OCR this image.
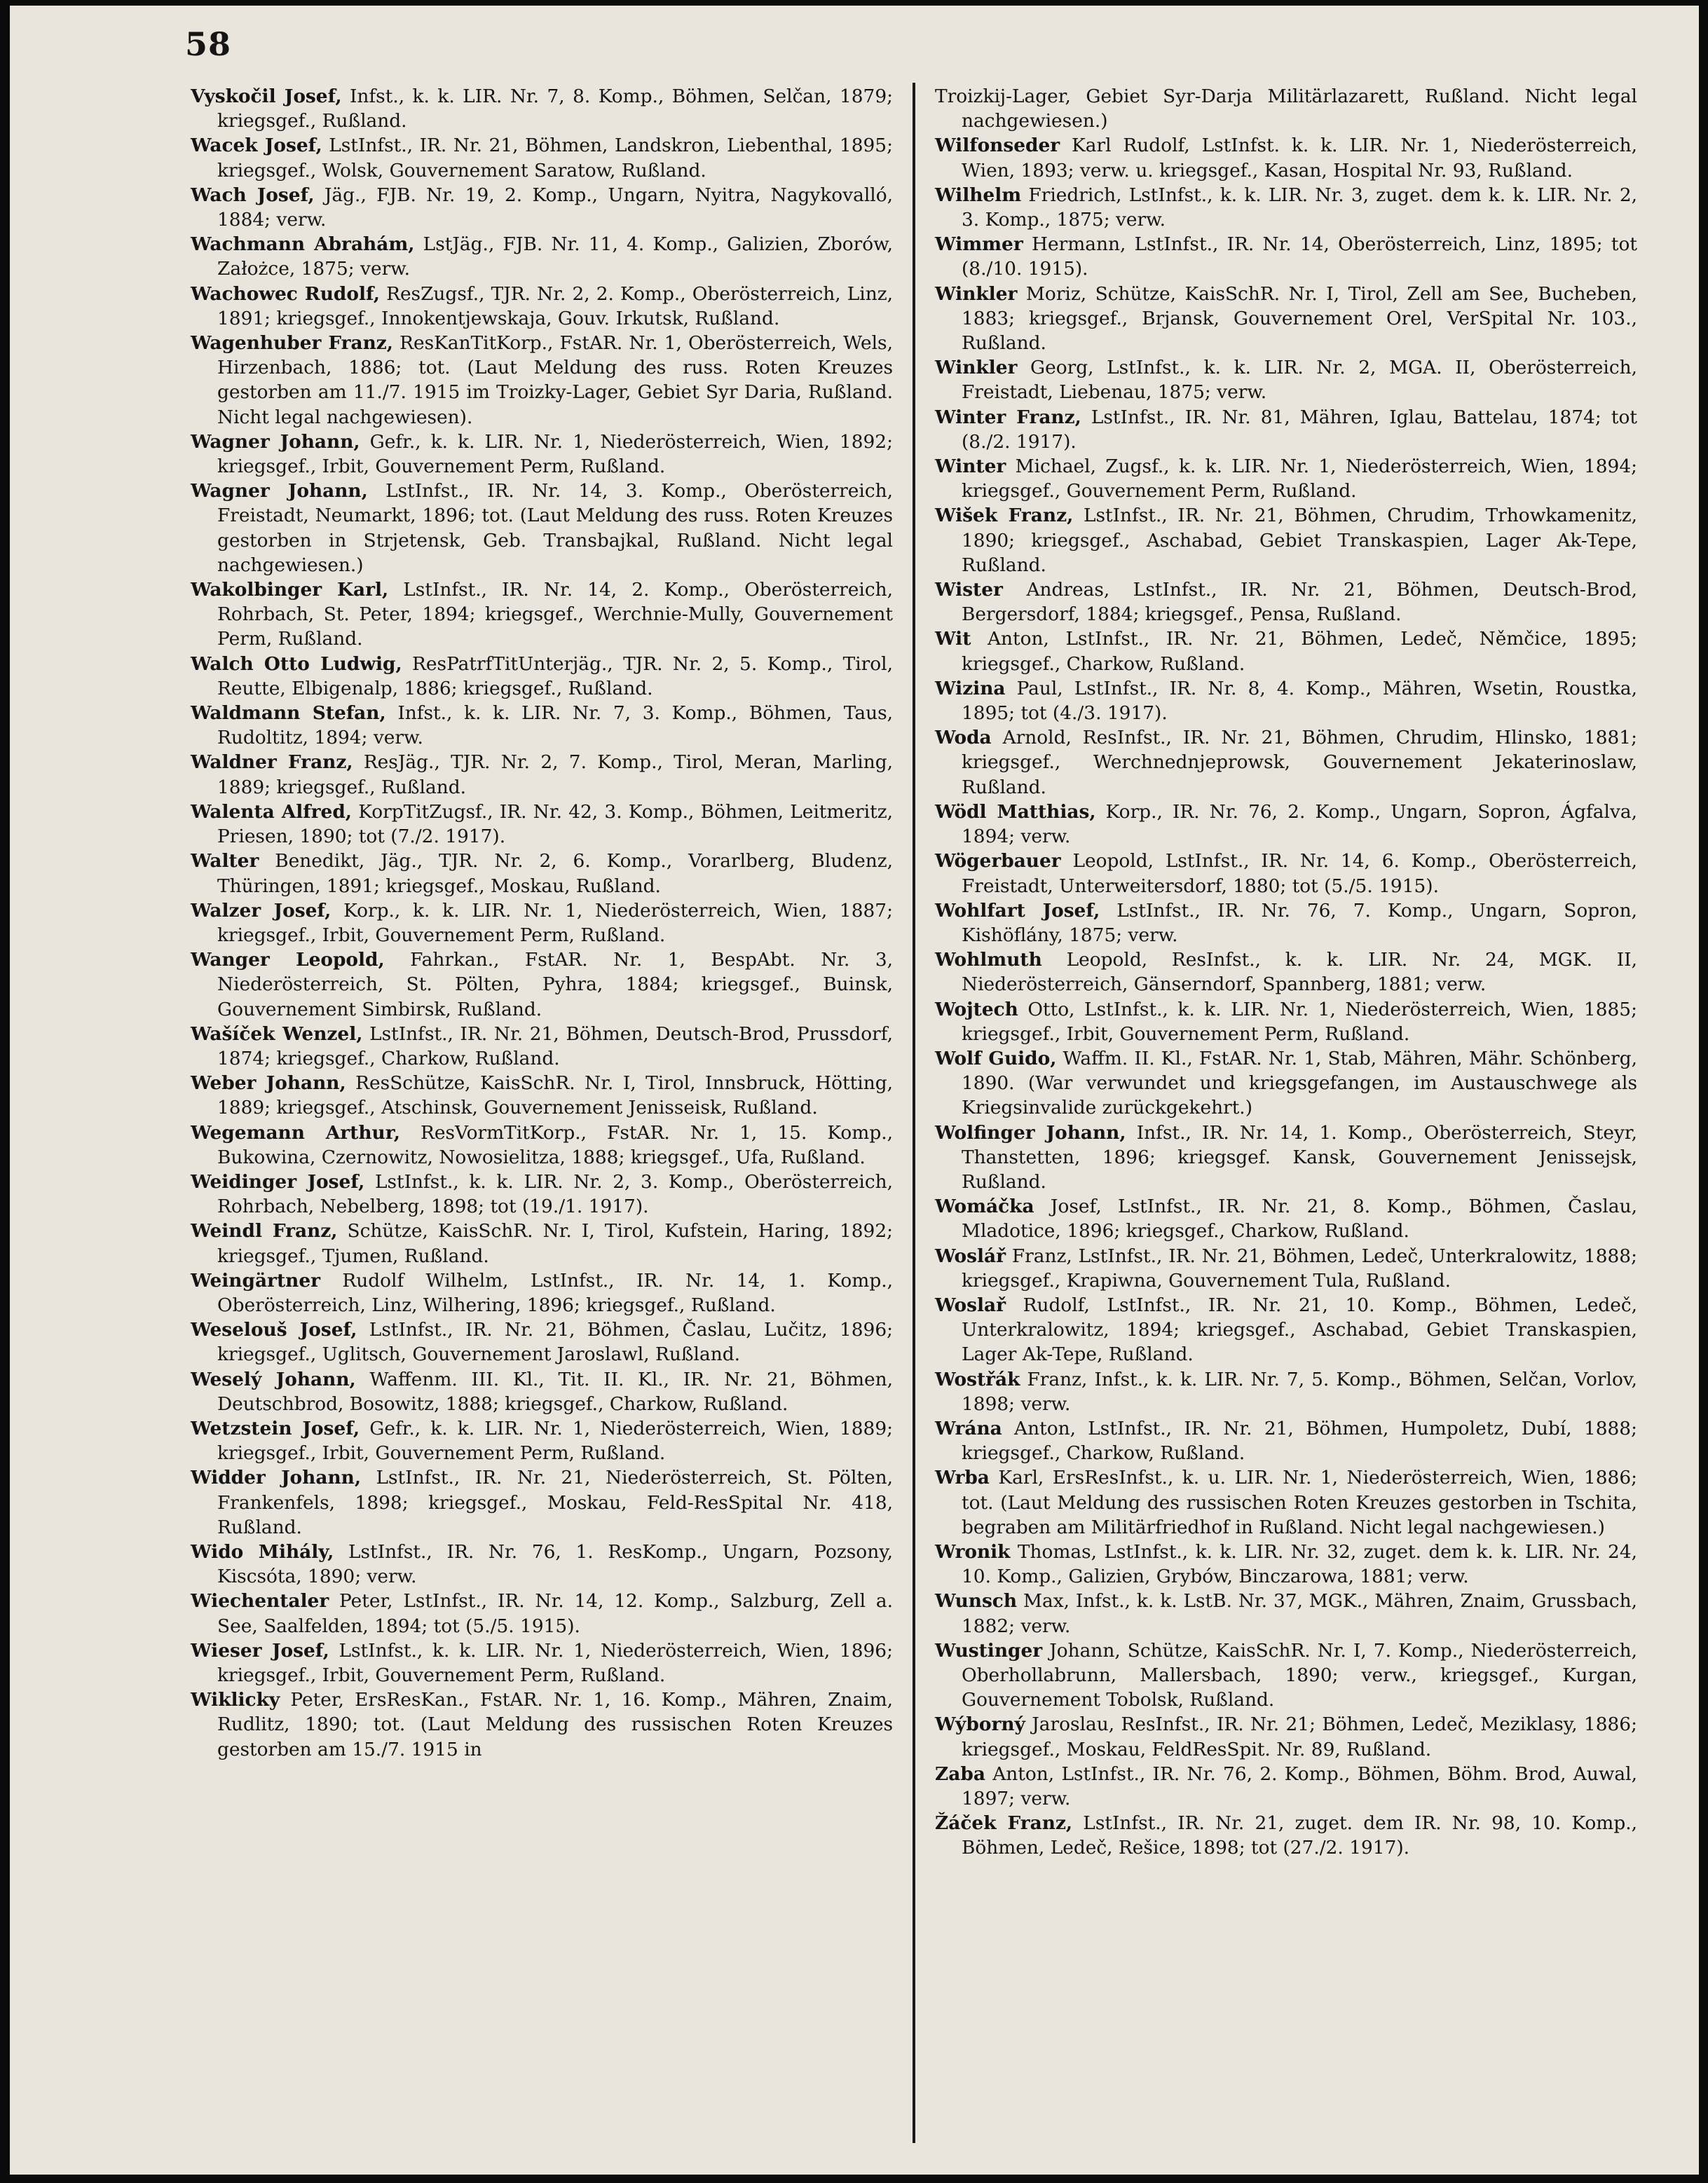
58

Vyskočil Josef, Infst., k. k. LIR. Nr. 7, 8. Komp., Böhmen, Selčan, 1879; kriegsgef., Rußland.

Wacek Josef, LstInfst., IR. Nr. 21, Böhmen, Landskron, Liebenthal, 1895; kriegsgef., Wolsk, Gouvernement Saratow, Rußland.

Wach Josef, Jäg., FJB. Nr. 19, 2. Komp., Ungarn, Nyitra, Nagykovalló, 1884; verw.

Wachmann Abrahám, LstJäg., FJB. Nr. 11, 4. Komp., Galizien, Zborów, Założce, 1875; verw.

Wachowec Rudolf, ResZugsf., TJR. Nr. 2, 2. Komp., Oberösterreich, Linz, 1891; kriegsgef., Innokentjewskaja, Gouv. Irkutsk, Rußland.

Wagenhuber Franz, ResKanTitKorp., FstAR. Nr. 1, Oberösterreich, Wels, Hirzenbach, 1886; tot. (Laut Meldung des russ. Roten Kreuzes gestorben am 11./7. 1915 im Troizky-Lager, Gebiet Syr Daria, Rußland. Nicht legal nachgewiesen).

Wagner Johann, Gefr., k. k. LIR. Nr. 1, Niederösterreich, Wien, 1892; kriegsgef., Irbit, Gouvernement Perm, Rußland.

Wagner Johann, LstInfst., IR. Nr. 14, 3. Komp., Oberösterreich, Freistadt, Neumarkt, 1896; tot. (Laut Meldung des russ. Roten Kreuzes gestorben in Strjetensk, Geb. Transbajkal, Rußland. Nicht legal nachgewiesen.)

Wakolbinger Karl, LstInfst., IR. Nr. 14, 2. Komp., Oberösterreich, Rohrbach, St. Peter, 1894; kriegsgef., Werchnie-Mully, Gouvernement Perm, Rußland.

Walch Otto Ludwig, ResPatrfTitUnterjäg., TJR. Nr. 2, 5. Komp., Tirol, Reutte, Elbigenalp, 1886; kriegsgef., Rußland.

Waldmann Stefan, Infst., k. k. LIR. Nr. 7, 3. Komp., Böhmen, Taus, Rudoltitz, 1894; verw.

Waldner Franz, ResJäg., TJR. Nr. 2, 7. Komp., Tirol, Meran, Marling, 1889; kriegsgef., Rußland.

Walenta Alfred, KorpTitZugsf., IR. Nr. 42, 3. Komp., Böhmen, Leitmeritz, Priesen, 1890; tot (7./2. 1917).

Walter Benedikt, Jäg., TJR. Nr. 2, 6. Komp., Vorarlberg, Bludenz, Thüringen, 1891; kriegsgef., Moskau, Rußland.

Walzer Josef, Korp., k. k. LIR. Nr. 1, Niederösterreich, Wien, 1887; kriegsgef., Irbit, Gouvernement Perm, Rußland.

Wanger Leopold, Fahrkan., FstAR. Nr. 1, BespAbt. Nr. 3, Niederösterreich, St. Pölten, Pyhra, 1884; kriegsgef., Buinsk, Gouvernement Simbirsk, Rußland.

Wašíček Wenzel, LstInfst., IR. Nr. 21, Böhmen, Deutsch-Brod, Prussdorf, 1874; kriegsgef., Charkow, Rußland.

Weber Johann, ResSchütze, KaisSchR. Nr. I, Tirol, Innsbruck, Hötting, 1889; kriegsgef., Atschinsk, Gouvernement Jenisseisk, Rußland.

Wegemann Arthur, ResVormTitKorp., FstAR. Nr. 1, 15. Komp., Bukowina, Czernowitz, Nowosielitza, 1888; kriegsgef., Ufa, Rußland.

Weidinger Josef, LstInfst., k. k. LIR. Nr. 2, 3. Komp., Oberösterreich, Rohrbach, Nebelberg, 1898; tot (19./1. 1917).

Weindl Franz, Schütze, KaisSchR. Nr. I, Tirol, Kufstein, Haring, 1892; kriegsgef., Tjumen, Rußland.

Weingärtner Rudolf Wilhelm, LstInfst., IR. Nr. 14, 1. Komp., Oberösterreich, Linz, Wilhering, 1896; kriegsgef., Rußland.

Weselouš Josef, LstInfst., IR. Nr. 21, Böhmen, Časlau, Lučitz, 1896; kriegsgef., Uglitsch, Gouvernement Jaroslawl, Rußland.

Weselý Johann, Waffenm. III. Kl., Tit. II. Kl., IR. Nr. 21, Böhmen, Deutschbrod, Bosowitz, 1888; kriegsgef., Charkow, Rußland.

Wetzstein Josef, Gefr., k. k. LIR. Nr. 1, Niederösterreich, Wien, 1889; kriegsgef., Irbit, Gouvernement Perm, Rußland.

Widder Johann, LstInfst., IR. Nr. 21, Niederösterreich, St. Pölten, Frankenfels, 1898; kriegsgef., Moskau, Feld-ResSpital Nr. 418, Rußland.

Wido Mihály, LstInfst., IR. Nr. 76, 1. ResKomp., Ungarn, Pozsony, Kiscsóta, 1890; verw.

Wiechentaler Peter, LstInfst., IR. Nr. 14, 12. Komp., Salzburg, Zell a. See, Saalfelden, 1894; tot (5./5. 1915).

Wieser Josef, LstInfst., k. k. LIR. Nr. 1, Niederösterreich, Wien, 1896; kriegsgef., Irbit, Gouvernement Perm, Rußland.

Wiklicky Peter, ErsResKan., FstAR. Nr. 1, 16. Komp., Mähren, Znaim, Rudlitz, 1890; tot. (Laut Meldung des russischen Roten Kreuzes gestorben am 15./7. 1915 in

Troizkij-Lager, Gebiet Syr-Darja Militärlazarett, Rußland. Nicht legal nachgewiesen.)

Wilfonseder Karl Rudolf, LstInfst. k. k. LIR. Nr. 1, Niederösterreich, Wien, 1893; verw. u. kriegsgef., Kasan, Hospital Nr. 93, Rußland.

Wilhelm Friedrich, LstInfst., k. k. LIR. Nr. 3, zuget. dem k. k. LIR. Nr. 2, 3. Komp., 1875; verw.

Wimmer Hermann, LstInfst., IR. Nr. 14, Oberösterreich, Linz, 1895; tot (8./10. 1915).

Winkler Moriz, Schütze, KaisSchR. Nr. I, Tirol, Zell am See, Bucheben, 1883; kriegsgef., Brjansk, Gouvernement Orel, VerSpital Nr. 103., Rußland.

Winkler Georg, LstInfst., k. k. LIR. Nr. 2, MGA. II, Oberösterreich, Freistadt, Liebenau, 1875; verw.

Winter Franz, LstInfst., IR. Nr. 81, Mähren, Iglau, Battelau, 1874; tot (8./2. 1917).

Winter Michael, Zugsf., k. k. LIR. Nr. 1, Niederösterreich, Wien, 1894; kriegsgef., Gouvernement Perm, Rußland.

Wišek Franz, LstInfst., IR. Nr. 21, Böhmen, Chrudim, Trhowkamenitz, 1890; kriegsgef., Aschabad, Gebiet Transkaspien, Lager Ak-Tepe, Rußland.

Wister Andreas, LstInfst., IR. Nr. 21, Böhmen, Deutsch-Brod, Bergersdorf, 1884; kriegsgef., Pensa, Rußland.

Wit Anton, LstInfst., IR. Nr. 21, Böhmen, Ledeč, Němčice, 1895; kriegsgef., Charkow, Rußland.

Wizina Paul, LstInfst., IR. Nr. 8, 4. Komp., Mähren, Wsetin, Roustka, 1895; tot (4./3. 1917).

Woda Arnold, ResInfst., IR. Nr. 21, Böhmen, Chrudim, Hlinsko, 1881; kriegsgef., Werchnednjeprowsk, Gouvernement Jekaterinoslaw, Rußland.

Wödl Matthias, Korp., IR. Nr. 76, 2. Komp., Ungarn, Sopron, Ágfalva, 1894; verw.

Wögerbauer Leopold, LstInfst., IR. Nr. 14, 6. Komp., Oberösterreich, Freistadt, Unterweitersdorf, 1880; tot (5./5. 1915).

Wohlfart Josef, LstInfst., IR. Nr. 76, 7. Komp., Ungarn, Sopron, Kishöflány, 1875; verw.

Wohlmuth Leopold, ResInfst., k. k. LIR. Nr. 24, MGK. II, Niederösterreich, Gänserndorf, Spannberg, 1881; verw.

Wojtech Otto, LstInfst., k. k. LIR. Nr. 1, Niederösterreich, Wien, 1885; kriegsgef., Irbit, Gouvernement Perm, Rußland.

Wolf Guido, Waffm. II. Kl., FstAR. Nr. 1, Stab, Mähren, Mähr. Schönberg, 1890. (War verwundet und kriegsgefangen, im Austauschwege als Kriegsinvalide zurückgekehrt.)

Wolfinger Johann, Infst., IR. Nr. 14, 1. Komp., Oberösterreich, Steyr, Thanstetten, 1896; kriegsgef. Kansk, Gouvernement Jenissejsk, Rußland.

Womáčka Josef, LstInfst., IR. Nr. 21, 8. Komp., Böhmen, Časlau, Mladotice, 1896; kriegsgef., Charkow, Rußland.

Woslář Franz, LstInfst., IR. Nr. 21, Böhmen, Ledeč, Unterkralowitz, 1888; kriegsgef., Krapiwna, Gouvernement Tula, Rußland.

Woslař Rudolf, LstInfst., IR. Nr. 21, 10. Komp., Böhmen, Ledeč, Unterkralowitz, 1894; kriegsgef., Aschabad, Gebiet Transkaspien, Lager Ak-Tepe, Rußland.

Wostřák Franz, Infst., k. k. LIR. Nr. 7, 5. Komp., Böhmen, Selčan, Vorlov, 1898; verw.

Wrána Anton, LstInfst., IR. Nr. 21, Böhmen, Humpoletz, Dubí, 1888; kriegsgef., Charkow, Rußland.

Wrba Karl, ErsResInfst., k. u. LIR. Nr. 1, Niederösterreich, Wien, 1886; tot. (Laut Meldung des russischen Roten Kreuzes gestorben in Tschita, begraben am Militärfriedhof in Rußland. Nicht legal nachgewiesen.)

Wronik Thomas, LstInfst., k. k. LIR. Nr. 32, zuget. dem k. k. LIR. Nr. 24, 10. Komp., Galizien, Grybów, Binczarowa, 1881; verw.

Wunsch Max, Infst., k. k. LstB. Nr. 37, MGK., Mähren, Znaim, Grussbach, 1882; verw.

Wustinger Johann, Schütze, KaisSchR. Nr. I, 7. Komp., Niederösterreich, Oberhollabrunn, Mallersbach, 1890; verw., kriegsgef., Kurgan, Gouvernement Tobolsk, Rußland.

Wýborný Jaroslau, ResInfst., IR. Nr. 21; Böhmen, Ledeč, Meziklasy, 1886; kriegsgef., Moskau, FeldResSpit. Nr. 89, Rußland.

Zaba Anton, LstInfst., IR. Nr. 76, 2. Komp., Böhmen, Böhm. Brod, Auwal, 1897; verw.

Žáček Franz, LstInfst., IR. Nr. 21, zuget. dem IR. Nr. 98, 10. Komp., Böhmen, Ledeč, Rešice, 1898; tot (27./2. 1917).
